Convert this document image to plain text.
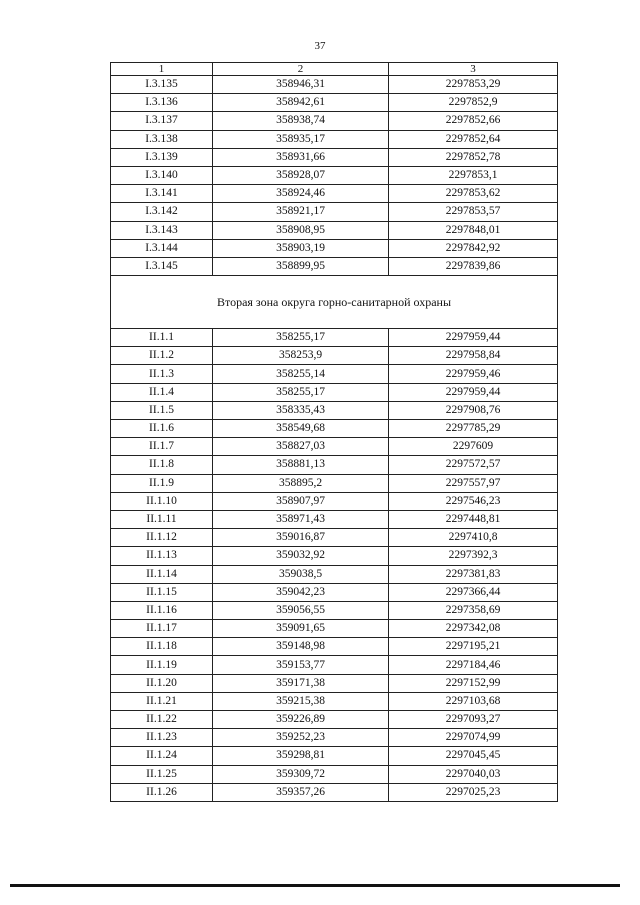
37
1	2	3
I.3.135	358946,31	2297853,29
I.3.136	358942,61	2297852,9
I.3.137	358938,74	2297852,66
I.3.138	358935,17	2297852,64
I.3.139	358931,66	2297852,78
I.3.140	358928,07	2297853,1
I.3.141	358924,46	2297853,62
I.3.142	358921,17	2297853,57
I.3.143	358908,95	2297848,01
I.3.144	358903,19	2297842,92
I.3.145	358899,95	2297839,86
Вторая зона округа горно-санитарной охраны		
II.1.1	358255,17	2297959,44
II.1.2	358253,9	2297958,84
II.1.3	358255,14	2297959,46
II.1.4	358255,17	2297959,44
II.1.5	358335,43	2297908,76
II.1.6	358549,68	2297785,29
II.1.7	358827,03	2297609
II.1.8	358881,13	2297572,57
II.1.9	358895,2	2297557,97
II.1.10	358907,97	2297546,23
II.1.11	358971,43	2297448,81
II.1.12	359016,87	2297410,8
II.1.13	359032,92	2297392,3
II.1.14	359038,5	2297381,83
II.1.15	359042,23	2297366,44
II.1.16	359056,55	2297358,69
II.1.17	359091,65	2297342,08
II.1.18	359148,98	2297195,21
II.1.19	359153,77	2297184,46
II.1.20	359171,38	2297152,99
II.1.21	359215,38	2297103,68
II.1.22	359226,89	2297093,27
II.1.23	359252,23	2297074,99
II.1.24	359298,81	2297045,45
II.1.25	359309,72	2297040,03
II.1.26	359357,26	2297025,23
